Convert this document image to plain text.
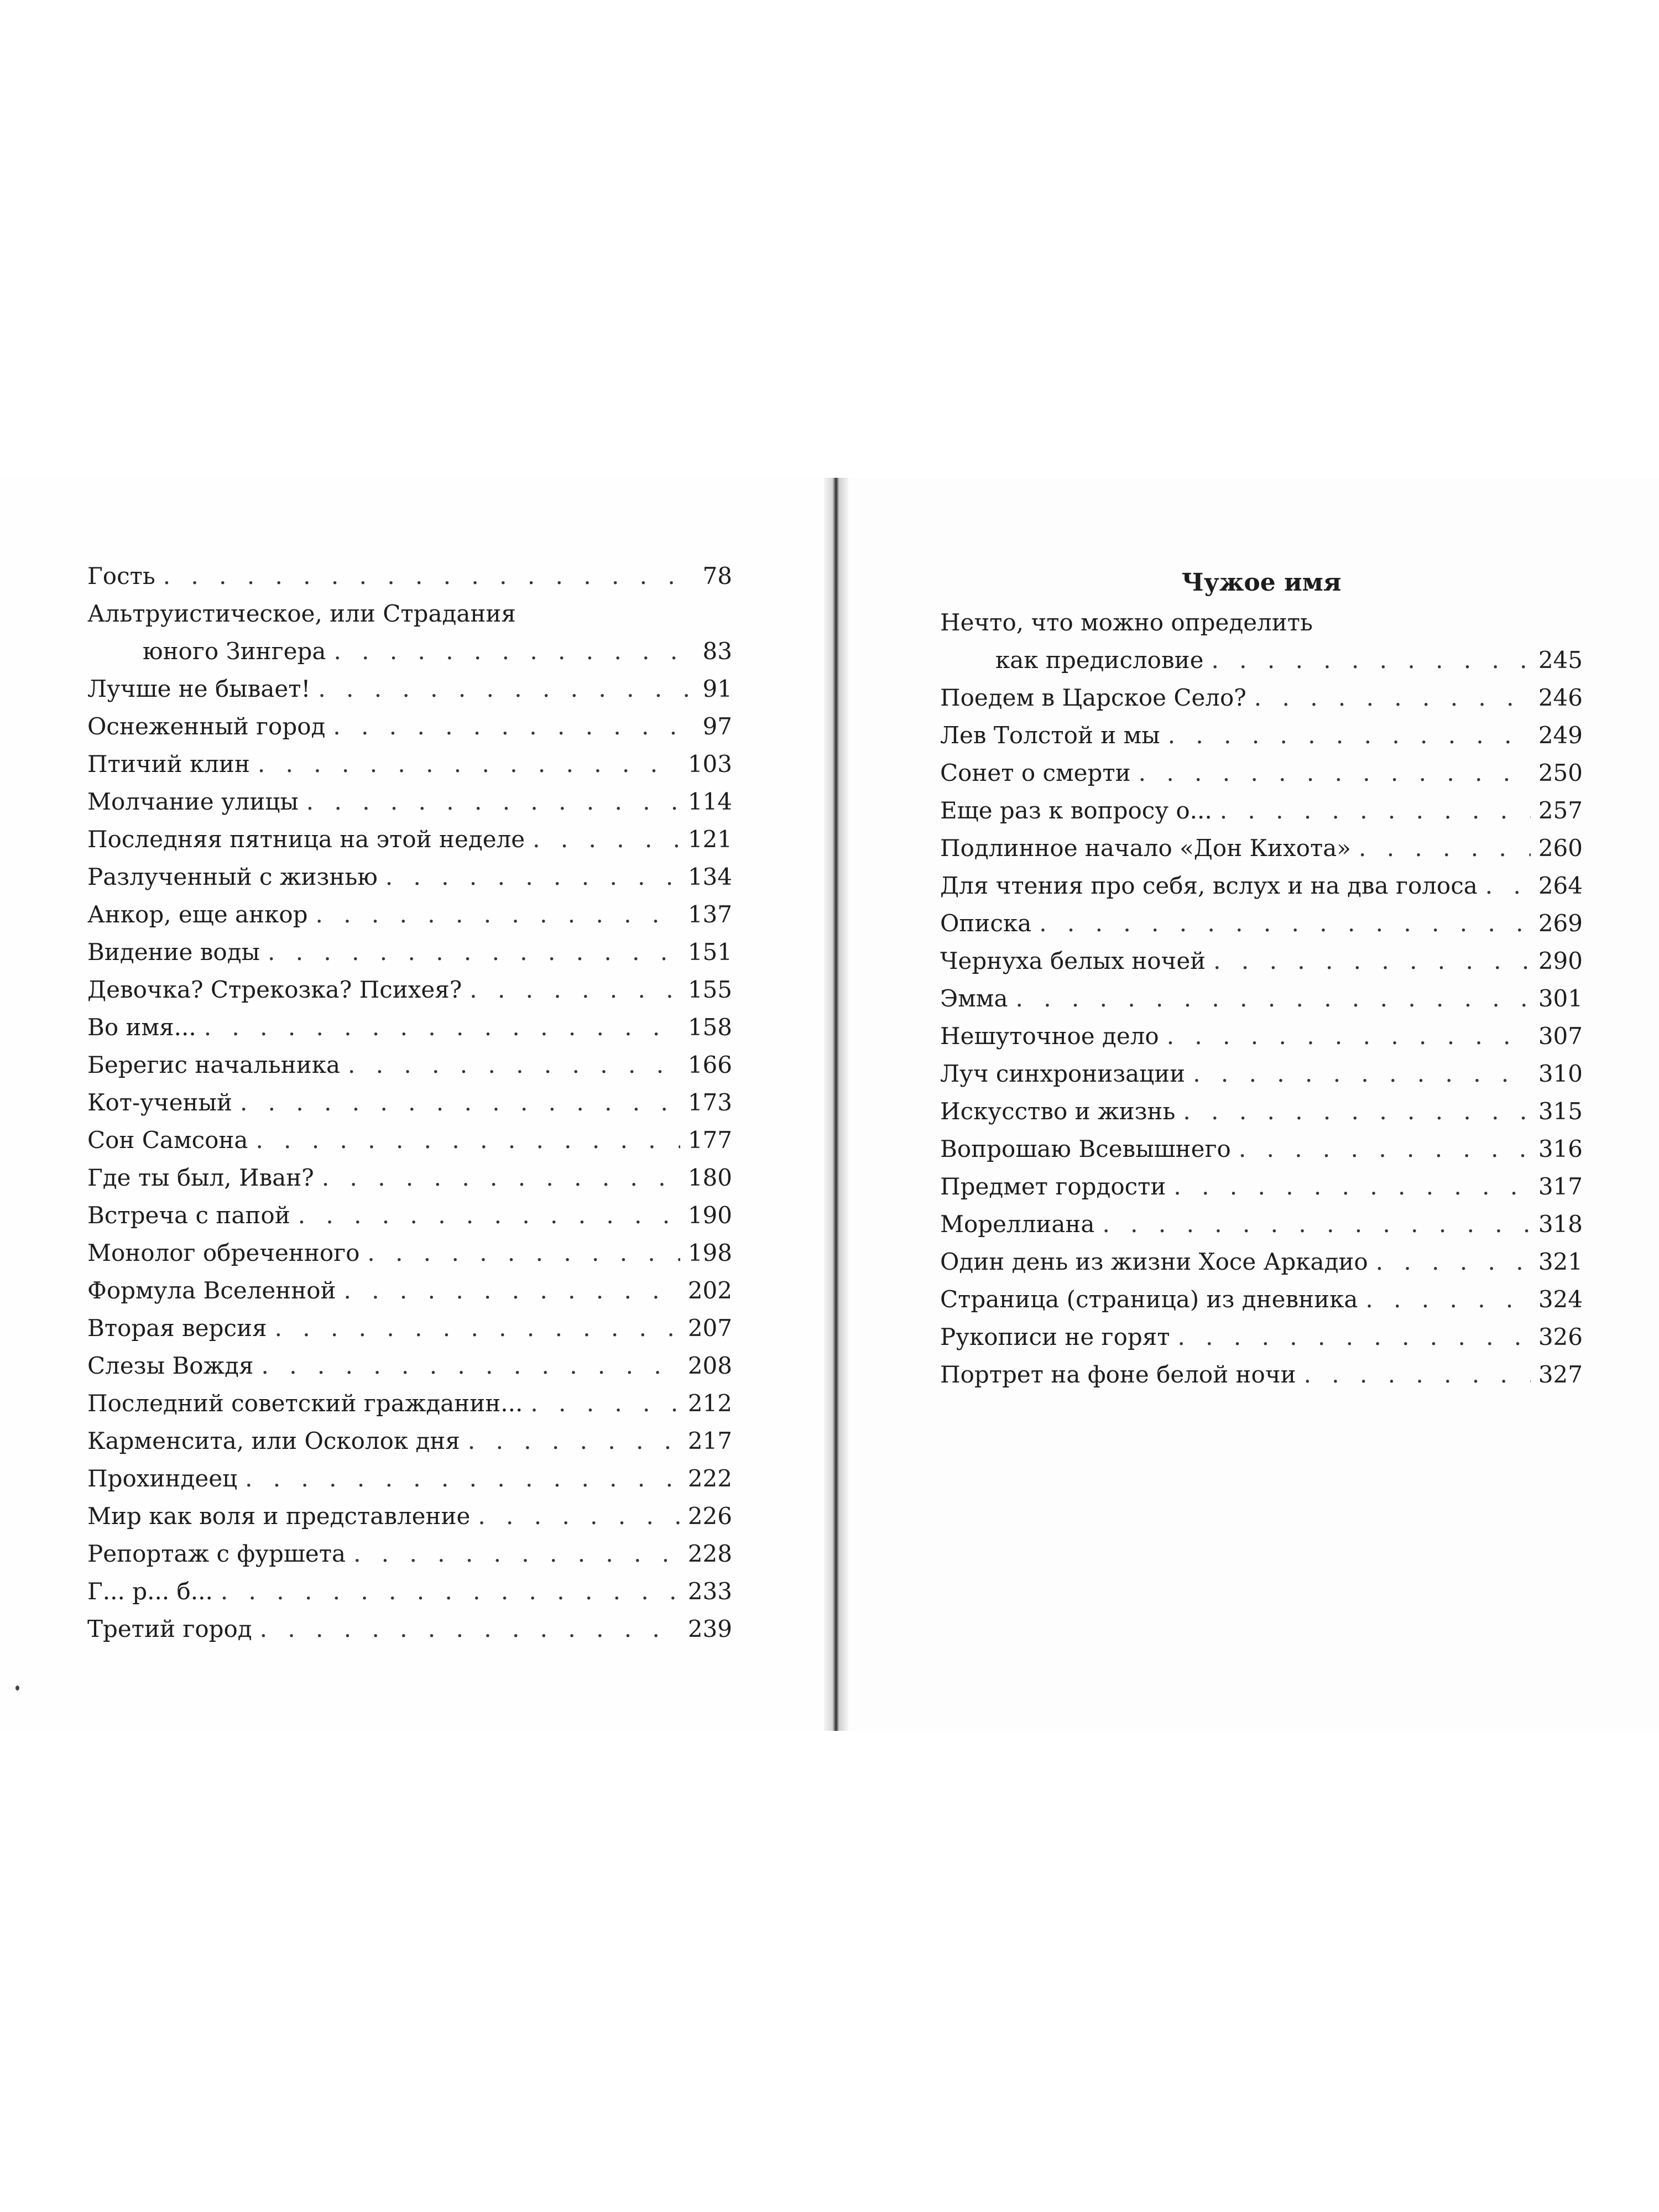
Гость . . .	78
Альтруистическое, или Страдания
юного Зингера . . .	83
Лучше не бывает! . . .	91
Оснеженный город . . .	97
Птичий клин . . .	103
Молчание улицы . . .	114
Последняя пятница на этой неделе . . .	121
Разлученный с жизнью . . .	134
Анкор, еще анкор . . .	137
Видение воды . . .	151
Девочка? Стрекозка? Психея? . . .	155
Во имя... . . .	158
Берегис начальника . . .	166
Кот-ученый . . .	173
Сон Самсона . . .	177
Где ты был, Иван? . . .	180
Встреча с папой . . .	190
Монолог обреченного . . .	198
Формула Вселенной . . .	202
Вторая версия . . .	207
Слезы Вождя . . .	208
Последний советский гражданин... . . .	212
Карменсита, или Осколок дня . . .	217
Прохиндеец . . .	222
Мир как воля и представление . . .	226
Репортаж с фуршета . . .	228
Г... р... б... . . .	233
Третий город . . .	239
Чужое имя
Нечто, что можно определить
как предисловие . . .	245
Поедем в Царское Село? . . .	246
Лев Толстой и мы . . .	249
Сонет о смерти . . .	250
Еще раз к вопросу о... . . .	257
Подлинное начало «Дон Кихота» . . .	260
Для чтения про себя, вслух и на два голоса . . .	264
Описка . . .	269
Чернуха белых ночей . . .	290
Эмма . . .	301
Нешуточное дело . . .	307
Луч синхронизации . . .	310
Искусство и жизнь . . .	315
Вопрошаю Всевышнего . . .	316
Предмет гордости . . .	317
Мореллиана . . .	318
Один день из жизни Хосе Аркадио . . .	321
Страница (страница) из дневника . . .	324
Рукописи не горят . . .	326
Портрет на фоне белой ночи . . .	327
